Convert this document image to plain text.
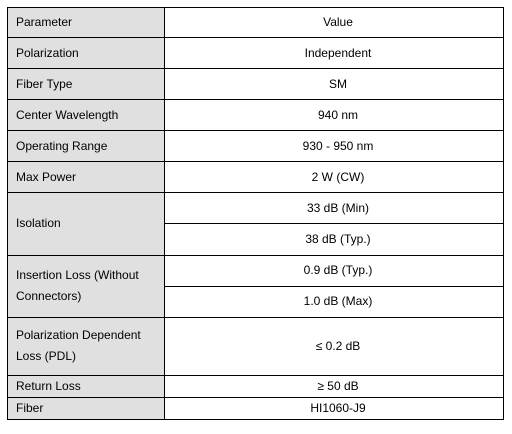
Parameter	Value
Polarization	Independent
Fiber Type	SM
Center Wavelength	940 nm
Operating Range	930 - 950 nm
Max Power	2 W (CW)
Isolation	33 dB (Min)
	38 dB (Typ.)
Insertion Loss (Without
Connectors)	0.9 dB (Typ.)
	1.0 dB (Max)
Polarization Dependent
Loss (PDL)	≤ 0.2 dB
Return Loss	≥ 50 dB
Fiber	HI1060-J9
